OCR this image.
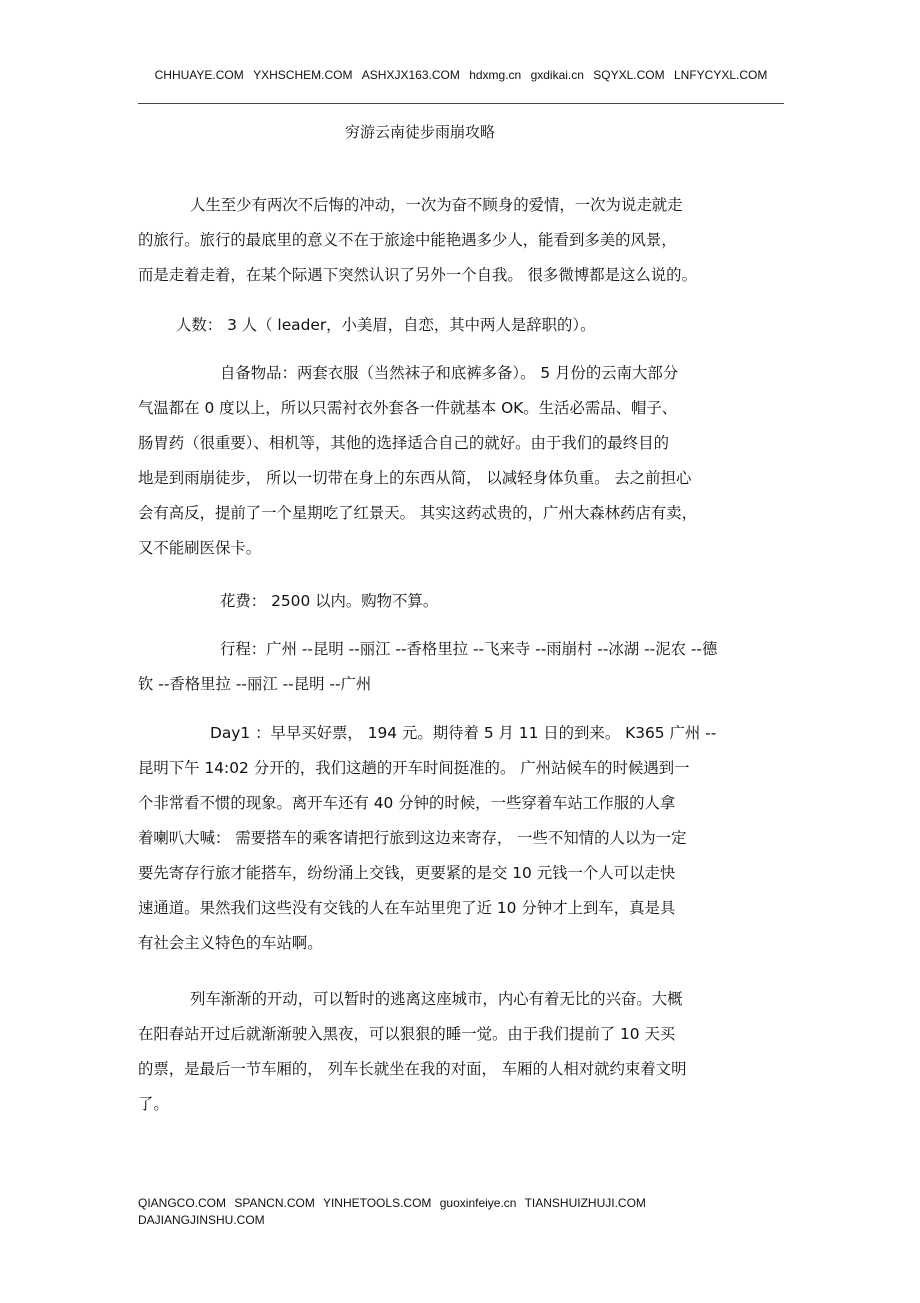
CHHUAYE.COM YXHSCHEM.COM ASHXJX163.COM hdxmg.cn gxdikai.cn SQYXL.COM LNFYCYXL.COM
穷游云南徒步雨崩攻略
人生至少有两次不后悔的冲动，一次为奋不顾身的爱情，一次为说走就走
的旅行。旅行的最底里的意义不在于旅途中能艳遇多少人，能看到多美的风景，
而是走着走着，在某个际遇下突然认识了另外一个自我。 很多微博都是这么说的。
人数： 3 人（ leader，小美眉，自恋，其中两人是辞职的）。
自备物品：两套衣服（当然袜子和底裤多备）。 5 月份的云南大部分
气温都在 0 度以上，所以只需衬衣外套各一件就基本 OK。生活必需品、帽子、
肠胃药（很重要）、相机等，其他的选择适合自己的就好。由于我们的最终目的
地是到雨崩徒步， 所以一切带在身上的东西从简， 以减轻身体负重。 去之前担心
会有高反，提前了一个星期吃了红景天。 其实这药忒贵的，广州大森林药店有卖，
又不能刷医保卡。
花费： 2500 以内。购物不算。
行程：广州 --昆明 --丽江 --香格里拉 --飞来寺 --雨崩村 --冰湖 --泥农 --德
钦 --香格里拉 --丽江 --昆明 --广州
Day1 ：早早买好票， 194 元。期待着 5 月 11 日的到来。 K365 广州 --
昆明下午 14:02 分开的，我们这趟的开车时间挺准的。 广州站候车的时候遇到一
个非常看不惯的现象。离开车还有 40 分钟的时候，一些穿着车站工作服的人拿
着喇叭大喊： 需要搭车的乘客请把行旅到这边来寄存， 一些不知情的人以为一定
要先寄存行旅才能搭车，纷纷涌上交钱，更要紧的是交 10 元钱一个人可以走快
速通道。果然我们这些没有交钱的人在车站里兜了近 10 分钟才上到车，真是具
有社会主义特色的车站啊。
列车渐渐的开动，可以暂时的逃离这座城市，内心有着无比的兴奋。大概
在阳春站开过后就渐渐驶入黑夜，可以狠狠的睡一觉。由于我们提前了 10 天买
的票，是最后一节车厢的， 列车长就坐在我的对面， 车厢的人相对就约束着文明
了。
QIANGCO.COM SPANCN.COM YINHETOOLS.COM guoxinfeiye.cn TIANSHUIZHUJI.COM
DAJIANGJINSHU.COM
